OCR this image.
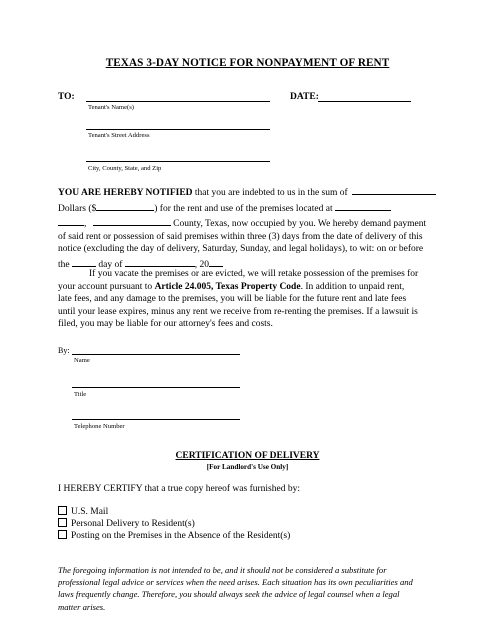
TEXAS 3-DAY NOTICE FOR NONPAYMENT OF RENT
TO:
Tenant's Name(s)
DATE:
Tenant's Street Address
City, County, State, and Zip
YOU ARE HEREBY NOTIFIED that you are indebted to us in the sum of
Dollars ($	) for the rent and use of the premises located at
,	County, Texas, now occupied by you. We hereby demand payment
of said rent or possession of said premises within three (3) days from the date of delivery of this
notice (excluding the day of delivery, Saturday, Sunday, and legal holidays), to wit: on or before
the	day of	, 20
If you vacate the premises or are evicted, we will retake possession of the premises for
your account pursuant to Article 24.005, Texas Property Code. In addition to unpaid rent,
late fees, and any damage to the premises, you will be liable for the future rent and late fees
until your lease expires, minus any rent we receive from re-renting the premises. If a lawsuit is
filed, you may be liable for our attorney's fees and costs.
By:
Name
Title
Telephone Number
CERTIFICATION OF DELIVERY
[For Landlord's Use Only]
I HEREBY CERTIFY that a true copy hereof was furnished by:
U.S. Mail
Personal Delivery to Resident(s)
Posting on the Premises in the Absence of the Resident(s)
The foregoing information is not intended to be, and it should not be considered a substitute for
professional legal advice or services when the need arises. Each situation has its own peculiarities and
laws frequently change. Therefore, you should always seek the advice of legal counsel when a legal
matter arises.
